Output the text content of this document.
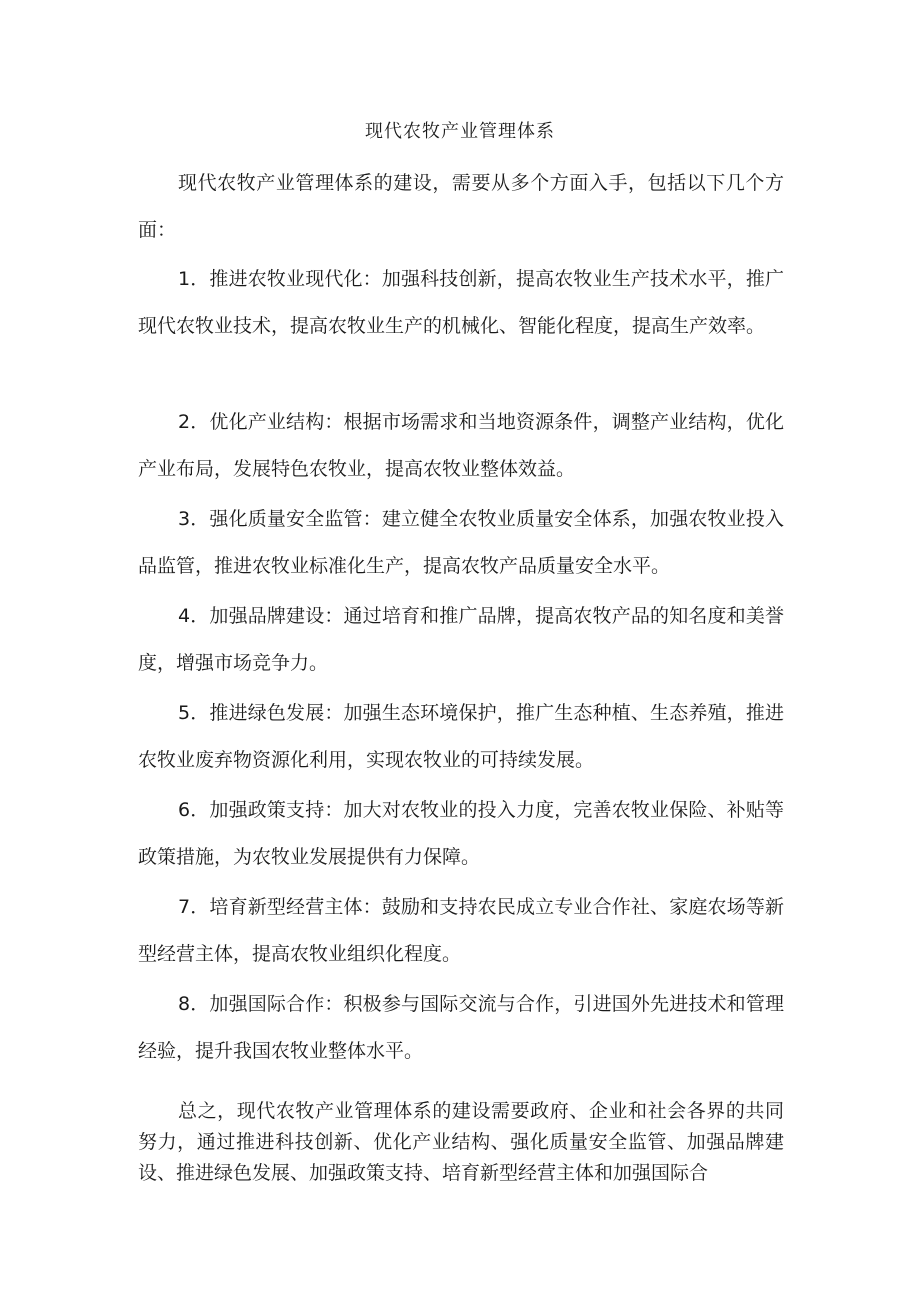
现代农牧产业管理体系

现代农牧产业管理体系的建设，需要从多个方面入手，包括以下几个方面：

1．推进农牧业现代化：加强科技创新，提高农牧业生产技术水平，推广现代农牧业技术，提高农牧业生产的机械化、智能化程度，提高生产效率。

2．优化产业结构：根据市场需求和当地资源条件，调整产业结构，优化产业布局，发展特色农牧业，提高农牧业整体效益。

3．强化质量安全监管：建立健全农牧业质量安全体系，加强农牧业投入品监管，推进农牧业标准化生产，提高农牧产品质量安全水平。

4．加强品牌建设：通过培育和推广品牌，提高农牧产品的知名度和美誉度，增强市场竞争力。

5．推进绿色发展：加强生态环境保护，推广生态种植、生态养殖，推进农牧业废弃物资源化利用，实现农牧业的可持续发展。

6．加强政策支持：加大对农牧业的投入力度，完善农牧业保险、补贴等政策措施，为农牧业发展提供有力保障。

7．培育新型经营主体：鼓励和支持农民成立专业合作社、家庭农场等新型经营主体，提高农牧业组织化程度。

8．加强国际合作：积极参与国际交流与合作，引进国外先进技术和管理经验，提升我国农牧业整体水平。

总之，现代农牧产业管理体系的建设需要政府、企业和社会各界的共同努力，通过推进科技创新、优化产业结构、强化质量安全监管、加强品牌建设、推进绿色发展、加强政策支持、培育新型经营主体和加强国际合
